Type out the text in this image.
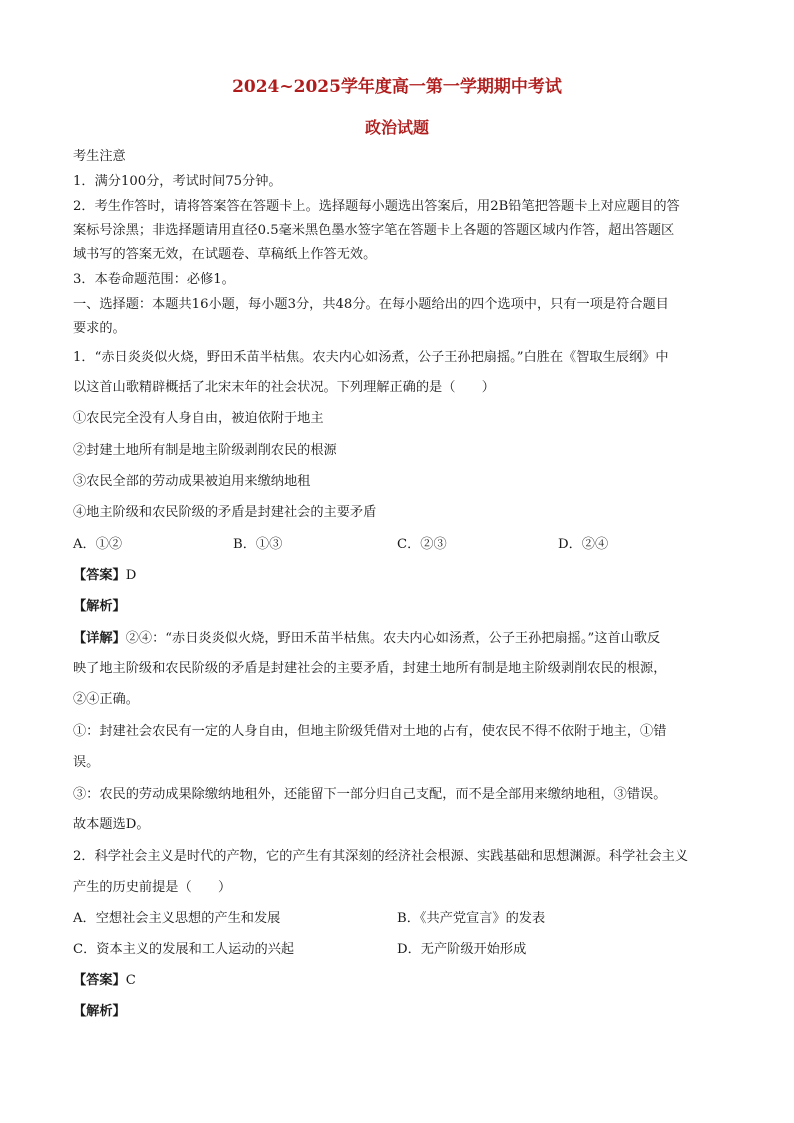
2024~2025学年度高一第一学期期中考试
政治试题
考生注意
1．满分100分，考试时间75分钟。
2．考生作答时，请将答案答在答题卡上。选择题每小题选出答案后，用2B铅笔把答题卡上对应题目的答
案标号涂黑；非选择题请用直径0.5毫米黑色墨水签字笔在答题卡上各题的答题区域内作答，超出答题区
域书写的答案无效，在试题卷、草稿纸上作答无效。
3．本卷命题范围：必修1。
一、选择题：本题共16小题，每小题3分，共48分。在每小题给出的四个选项中，只有一项是符合题目
要求的。
1．“赤日炎炎似火烧，野田禾苗半枯焦。农夫内心如汤煮，公子王孙把扇摇。”白胜在《智取生辰纲》中
以这首山歌精辟概括了北宋末年的社会状况。下列理解正确的是（　　）
①农民完全没有人身自由，被迫依附于地主
②封建土地所有制是地主阶级剥削农民的根源
③农民全部的劳动成果被迫用来缴纳地租
④地主阶级和农民阶级的矛盾是封建社会的主要矛盾
A．①②	B．①③	C．②③	D．②④
【答案】D
【解析】
【详解】②④：“赤日炎炎似火烧，野田禾苗半枯焦。农夫内心如汤煮，公子王孙把扇摇。”这首山歌反
映了地主阶级和农民阶级的矛盾是封建社会的主要矛盾，封建土地所有制是地主阶级剥削农民的根源，
②④正确。
①：封建社会农民有一定的人身自由，但地主阶级凭借对土地的占有，使农民不得不依附于地主，①错
误。
③：农民的劳动成果除缴纳地租外，还能留下一部分归自己支配，而不是全部用来缴纳地租，③错误。
故本题选D。
2．科学社会主义是时代的产物，它的产生有其深刻的经济社会根源、实践基础和思想渊源。科学社会主义
产生的历史前提是（　　）
A．空想社会主义思想的产生和发展	B．《共产党宣言》的发表
C．资本主义的发展和工人运动的兴起	D．无产阶级开始形成
【答案】C
【解析】
